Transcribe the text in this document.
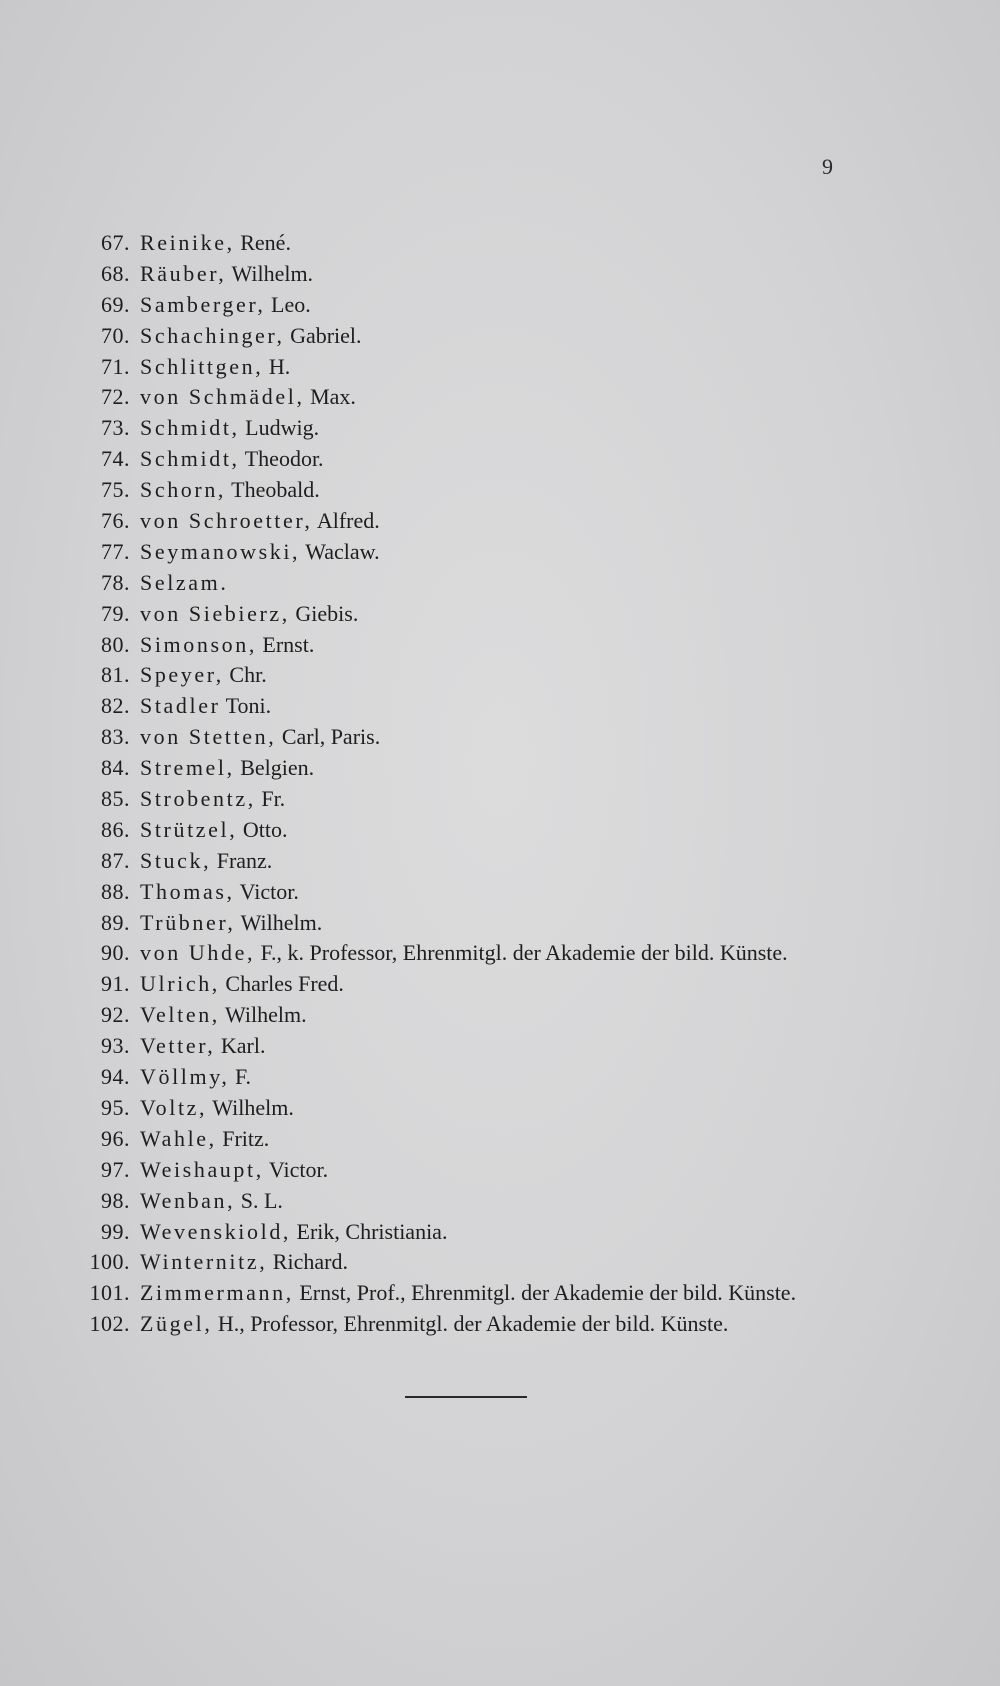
9
67. Reinike, René.
68. Räuber, Wilhelm.
69. Samberger, Leo.
70. Schachinger, Gabriel.
71. Schlittgen, H.
72. von Schmädel, Max.
73. Schmidt, Ludwig.
74. Schmidt, Theodor.
75. Schorn, Theobald.
76. von Schroetter, Alfred.
77. Seymanowski, Waclaw.
78. Selzam.
79. von Siebierz, Giebis.
80. Simonson, Ernst.
81. Speyer, Chr.
82. Stadler Toni.
83. von Stetten, Carl, Paris.
84. Stremel, Belgien.
85. Strobentz, Fr.
86. Strützel, Otto.
87. Stuck, Franz.
88. Thomas, Victor.
89. Trübner, Wilhelm.
90. von Uhde, F., k. Professor, Ehrenmitgl. der Akademie der bild. Künste.
91. Ulrich, Charles Fred.
92. Velten, Wilhelm.
93. Vetter, Karl.
94. Völlmy, F.
95. Voltz, Wilhelm.
96. Wahle, Fritz.
97. Weishaupt, Victor.
98. Wenban, S. L.
99. Wevenskiold, Erik, Christiania.
100. Winternitz, Richard.
101. Zimmermann, Ernst, Prof., Ehrenmitgl. der Akademie der bild. Künste.
102. Zügel, H., Professor, Ehrenmitgl. der Akademie der bild. Künste.
